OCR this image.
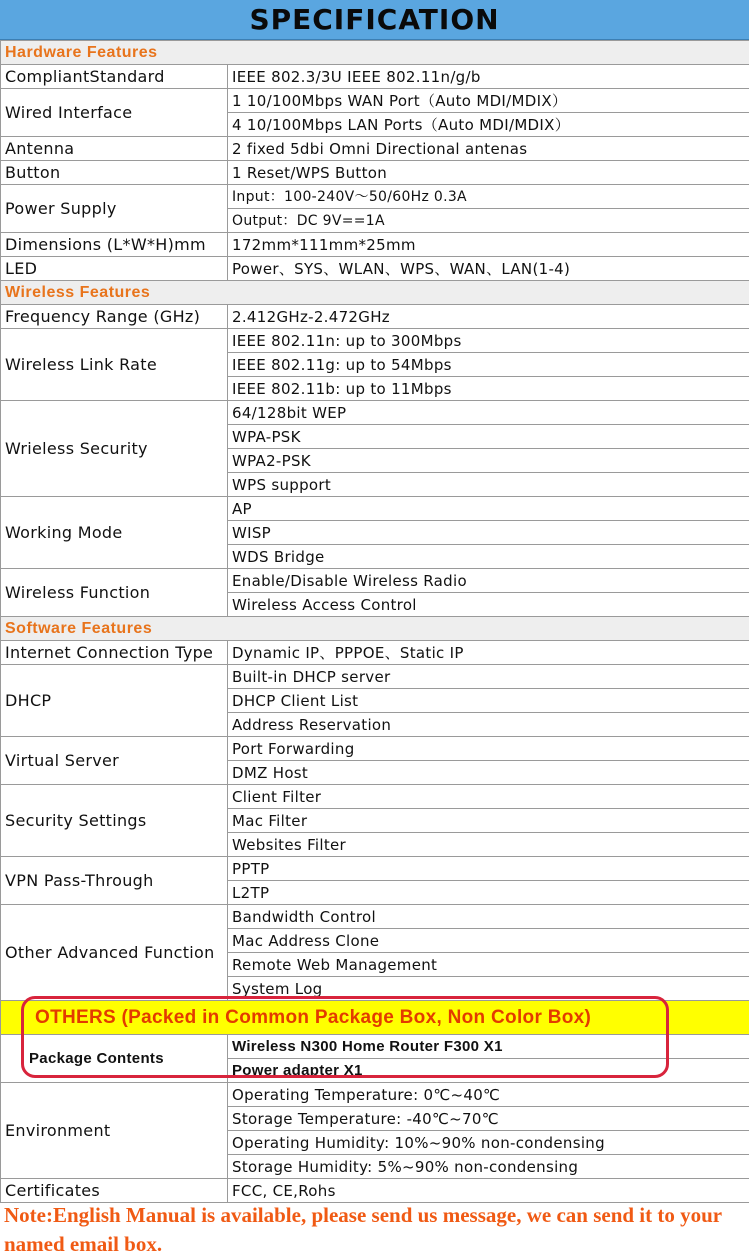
SPECIFICATION
Hardware Features	
CompliantStandard	IEEE 802.3/3U IEEE 802.11n/g/b
Wired Interface	1 10/100Mbps WAN Port（Auto MDI/MDIX）
	4 10/100Mbps LAN Ports（Auto MDI/MDIX）
Antenna	2 fixed 5dbi Omni Directional antenas
Button	1 Reset/WPS Button
Power Supply	Input：100-240V～50/60Hz 0.3A
	Output：DC 9V==1A
Dimensions (L*W*H)mm	172mm*111mm*25mm
LED	Power、SYS、WLAN、WPS、WAN、LAN(1-4)
Wireless Features	
Frequency Range (GHz)	2.412GHz-2.472GHz
Wireless Link Rate	IEEE 802.11n: up to 300Mbps
	IEEE 802.11g: up to 54Mbps
	IEEE 802.11b: up to 11Mbps
Wrieless Security	64/128bit WEP
	WPA-PSK
	WPA2-PSK
	WPS support
Working Mode	AP
	WISP
	WDS Bridge
Wireless Function	Enable/Disable Wireless Radio
	Wireless Access Control
Software Features	
Internet Connection Type	Dynamic IP、PPPOE、Static IP
DHCP	Built-in DHCP server
	DHCP Client List
	Address Reservation
Virtual Server	Port Forwarding
	DMZ Host
Security Settings	Client Filter
	Mac Filter
	Websites Filter
VPN Pass-Through	PPTP
	L2TP
Other Advanced Function	Bandwidth Control
	Mac Address Clone
	Remote Web Management
	System Log
OTHERS (Packed in Common Package Box, Non Color Box)	
Package Contents	Wireless N300 Home Router F300 X1
	Power adapter X1
Environment	Operating Temperature: 0℃~40℃
	Storage Temperature: -40℃~70℃
	Operating Humidity: 10%~90% non-condensing
	Storage Humidity: 5%~90% non-condensing
Certificates	FCC, CE,Rohs
Note:English Manual is available, please send us message, we can send it to your named email box.
